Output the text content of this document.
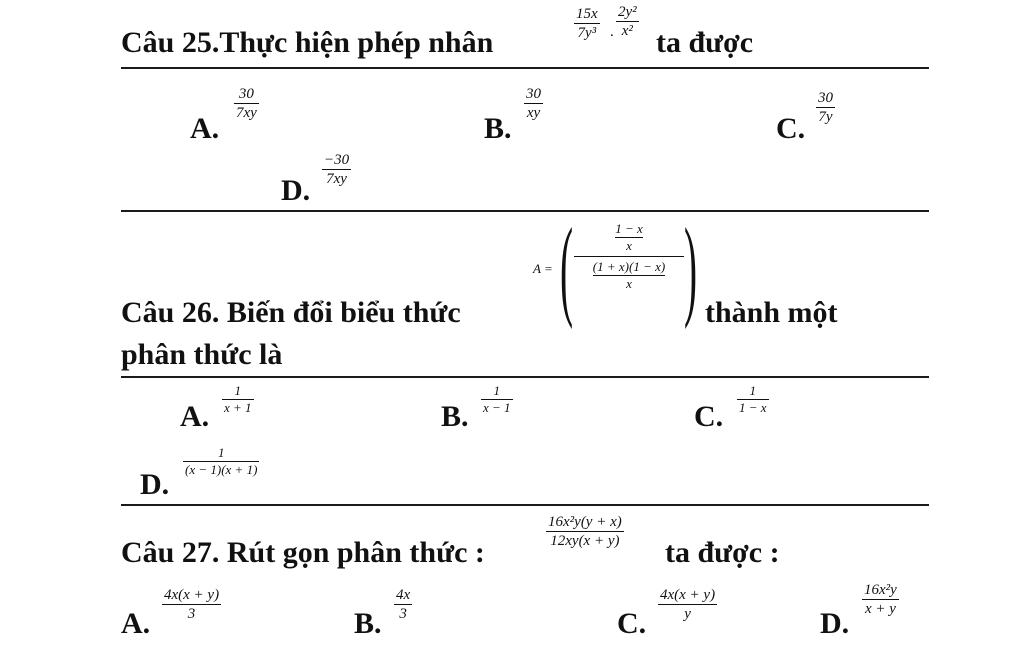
Câu 25.Thực hiện phép nhân
15x
7y³ .
2y²
x² ta được
A.
30
7xy	B.
30
xy	C.
30
7y
D.
−30
7xy
Câu 26. Biến đổi biểu thức
A = (	$\frac{1 - x}{x}$
$\frac{(1 + x)(1 - x)}{x}$ ) thành một
phân thức là
A.
1
x + 1	B.
1
x − 1	C.
1
1 − x
D.
1
(x − 1)(x + 1)
Câu 27. Rút gọn phân thức :
16x²y(y + x)
12xy(x + y) ta được :
A.
4x(x + y)
3	B.
4x
3	C.
4x(x + y)
y	D.
16x²y
x + y
